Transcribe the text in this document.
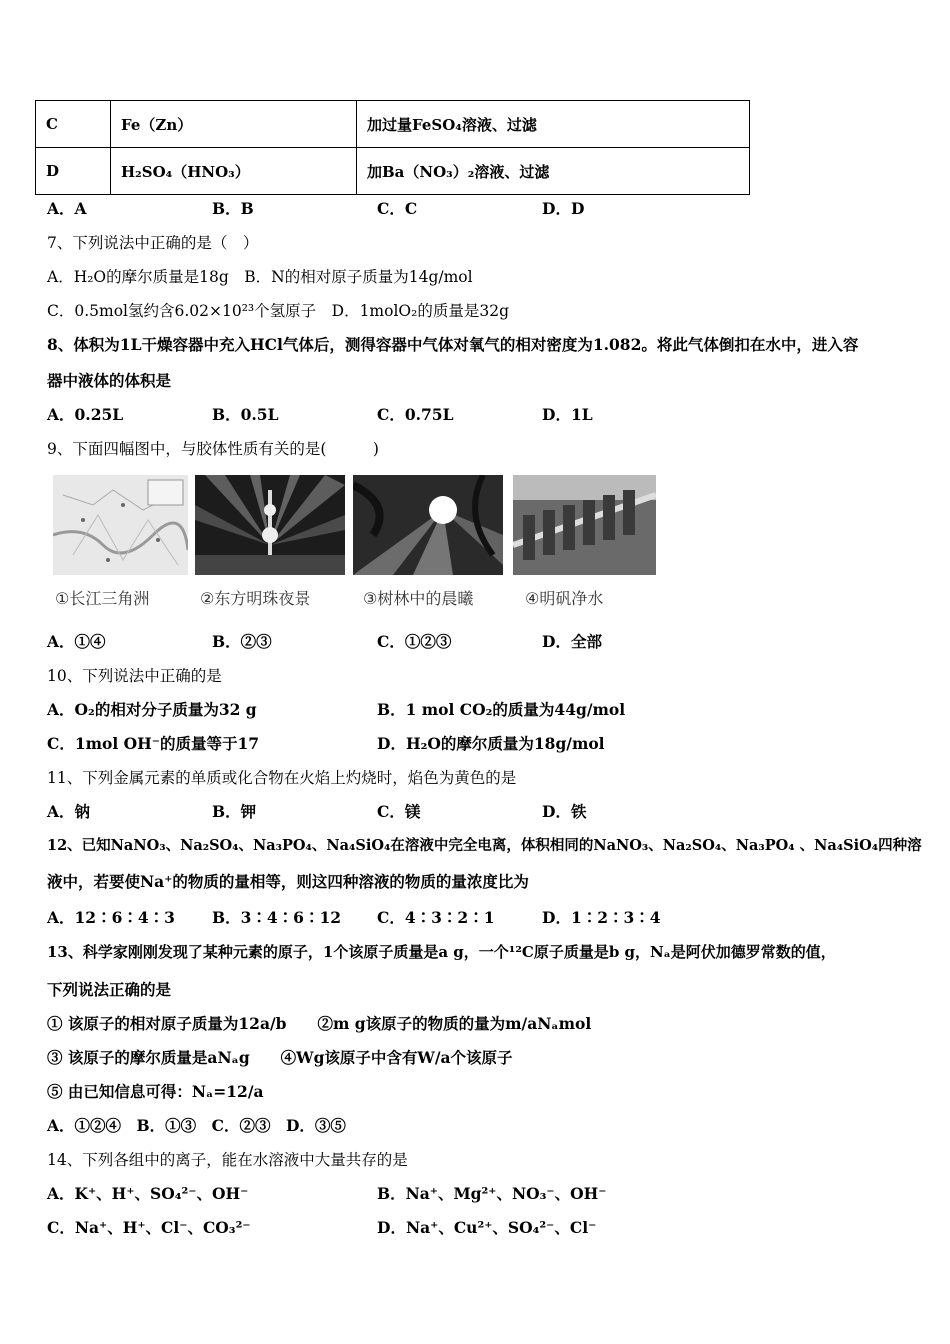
C	Fe（Zn）	加过量FeSO₄溶液、过滤
D	H₂SO₄（HNO₃）	加Ba（NO₃）₂溶液、过滤
A．A	B．B	C．C	D．D
7、下列说法中正确的是（　）
A．H₂O的摩尔质量是18g　B．N的相对原子质量为14g/mol
C．0.5mol氢约含6.02×10²³个氢原子　D．1molO₂的质量是32g
8、体积为1L干燥容器中充入HCl气体后，测得容器中气体对氧气的相对密度为1.082。将此气体倒扣在水中，进入容
器中液体的体积是
A．0.25L	B．0.5L	C．0.75L	D．1L
9、下面四幅图中，与胶体性质有关的是(　　　)
①长江三角洲	②东方明珠夜景	③树林中的晨曦	④明矾净水
A．①④	B．②③	C．①②③	D．全部
10、下列说法中正确的是
A．O₂的相对分子质量为32 g	B．1 mol CO₂的质量为44g/mol
C．1mol OH⁻的质量等于17	D．H₂O的摩尔质量为18g/mol
11、下列金属元素的单质或化合物在火焰上灼烧时，焰色为黄色的是
A．钠	B．钾	C．镁	D．铁
12、已知NaNO₃、Na₂SO₄、Na₃PO₄、Na₄SiO₄在溶液中完全电离，体积相同的NaNO₃、Na₂SO₄、Na₃PO₄ 、Na₄SiO₄四种溶
液中，若要使Na⁺的物质的量相等，则这四种溶液的物质的量浓度比为
A．12∶6∶4∶3 B．3∶4∶6∶12 C．4∶3∶2∶1	D．1∶2∶3∶4
13、科学家刚刚发现了某种元素的原子，1个该原子质量是a g，一个¹²C原子质量是b g，Nₐ是阿伏加德罗常数的值，
下列说法正确的是
① 该原子的相对原子质量为12a/b　　②m g该原子的物质的量为m/aNₐmol
③ 该原子的摩尔质量是aNₐg　　④Wg该原子中含有W/a个该原子
⑤ 由已知信息可得：Nₐ=12/a
A．①②④　B．①③　C．②③　D．③⑤
14、下列各组中的离子，能在水溶液中大量共存的是
A．K⁺、H⁺、SO₄²⁻、OH⁻	B．Na⁺、Mg²⁺、NO₃⁻、OH⁻
C．Na⁺、H⁺、Cl⁻、CO₃²⁻	D．Na⁺、Cu²⁺、SO₄²⁻、Cl⁻
